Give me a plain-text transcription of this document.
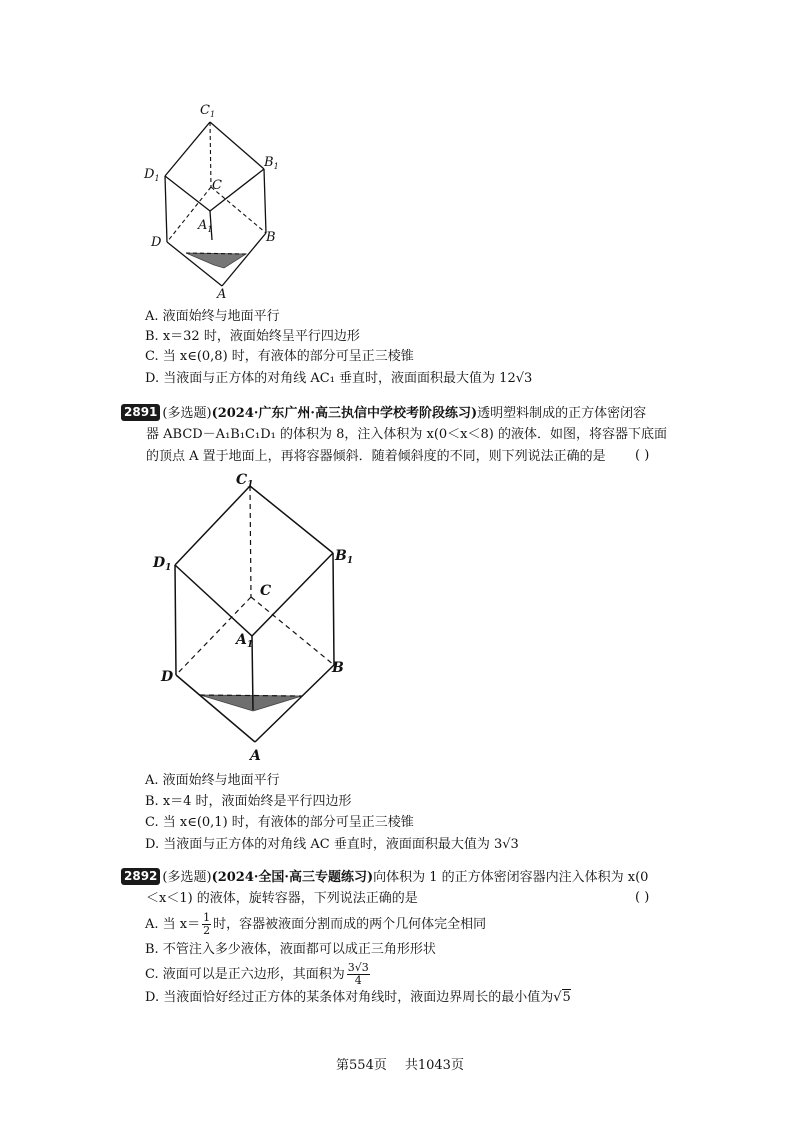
$C_1$
$B_1$
$D_1$	C
$A_1$
D	B
A
A. 液面始终与地面平行
B. x＝32 时，液面始终呈平行四边形
C. 当 x∈(0,8) 时，有液体的部分可呈正三棱锥
D. 当液面与正方体的对角线 AC₁ 垂直时，液面面积最大值为 12√3
2891 (多选题)(2024·广东广州·高三执信中学校考阶段练习)透明塑料制成的正方体密闭容
器 ABCD－A₁B₁C₁D₁ 的体积为 8，注入体积为 x(0＜x＜8) 的液体．如图，将容器下底面
的顶点 A 置于地面上，再将容器倾斜．随着倾斜度的不同，则下列说法正确的是 ( )
$C_1$
$B_1$
$D_1$
C
$A_1$
D
B
A
A. 液面始终与地面平行
B. x＝4 时，液面始终是平行四边形
C. 当 x∈(0,1) 时，有液体的部分可呈正三棱锥
D. 当液面与正方体的对角线 AC 垂直时，液面面积最大值为 3√3
2892 (多选题)(2024·全国·高三专题练习)向体积为 1 的正方体密闭容器内注入体积为 x(0
＜x＜1) 的液体，旋转容器，下列说法正确的是	( )
A. 当 $x= \frac{1}{2}$ 时，容器被液面分割而成的两个几何体完全相同
B. 不管注入多少液体，液面都可以成正三角形形状
C. 液面可以是正六边形，其面积为 $\frac{3√3}{4}$
D. 当液面恰好经过正方体的某条体对角线时，液面边界周长的最小值为√5
第554页 共1043页
